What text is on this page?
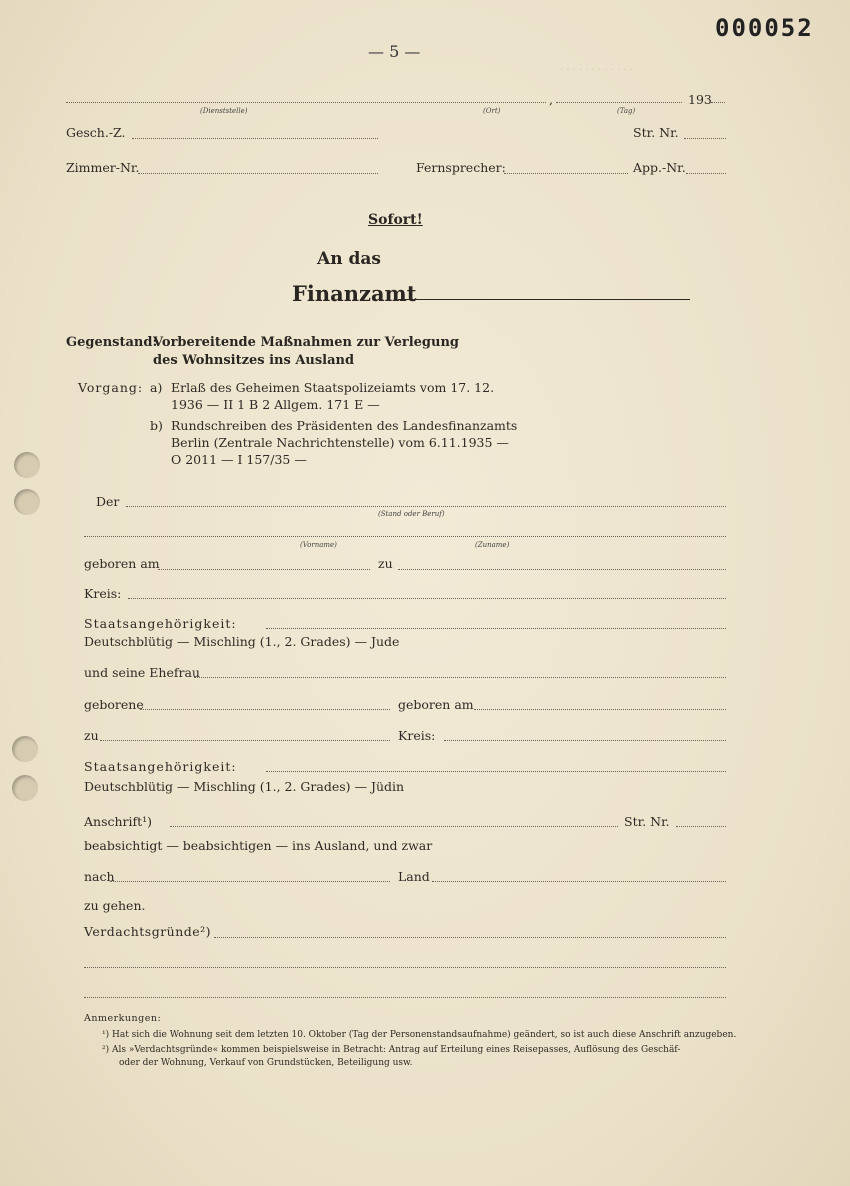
· · · · · · · · · · · ·
000052
— 5 —
,	193
(Dienststelle)	(Ort)	(Tag)
Gesch.-Z.	Str. Nr.
Zimmer-Nr.	Fernsprecher:	App.-Nr.
Sofort!
An das
Finanzamt
Gegenstand:
Vorbereitende Maßnahmen zur Verlegung
des Wohnsitzes ins Ausland
Vorgang: a) Erlaß des Geheimen Staatspolizeiamts vom 17. 12.
1936 — II 1 B 2 Allgem. 171 E —
b) Rundschreiben des Präsidenten des Landesfinanzamts
Berlin (Zentrale Nachrichtenstelle) vom 6.11.1935 —
O 2011 — I 157/35 —
Der
(Stand oder Beruf)
(Vorname)	(Zuname)
geboren am	zu
Kreis:
Staatsangehörigkeit:
Deutschblütig — Mischling (1., 2. Grades) — Jude
und seine Ehefrau
geborene	geboren am
zu	Kreis:
Staatsangehörigkeit:
Deutschblütig — Mischling (1., 2. Grades) — Jüdin
Anschrift¹)	Str. Nr.
beabsichtigt — beabsichtigen — ins Ausland, und zwar
nach	Land
zu gehen.
Verdachtsgründe²)
Anmerkungen:
¹) Hat sich die Wohnung seit dem letzten 10. Oktober (Tag der Personenstandsaufnahme) geändert, so ist auch diese Anschrift anzugeben.
²) Als »Verdachtsgründe« kommen beispielsweise in Betracht: Antrag auf Erteilung eines Reisepasses, Auflösung des Geschäf-
oder der Wohnung, Verkauf von Grundstücken, Beteiligung usw.
